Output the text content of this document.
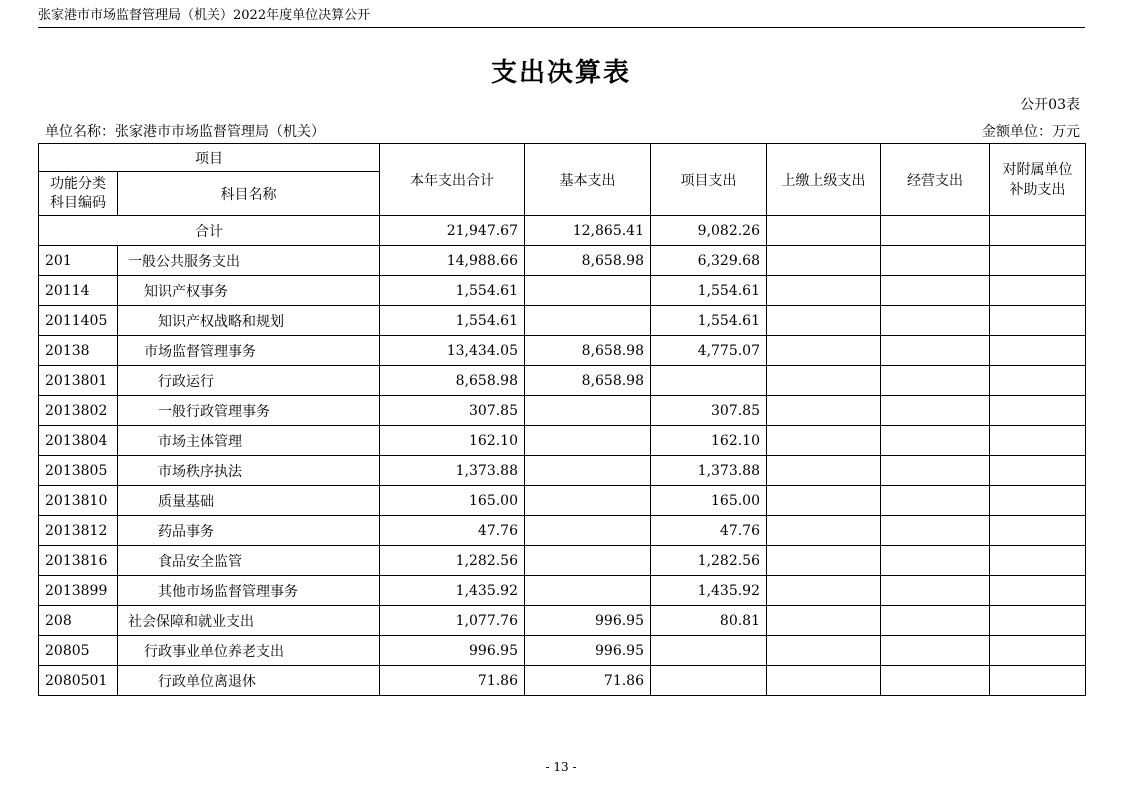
张家港市市场监督管理局（机关）2022年度单位决算公开
支出决算表
公开03表
单位名称：张家港市市场监督管理局（机关）	金额单位：万元
项目		本年支出合计	基本支出	项目支出	上缴上级支出	经营支出	对附属单位
补助支出
功能分类
科目编码	科目名称						
合计		21,947.67	12,865.41	9,082.26			
201	一般公共服务支出	14,988.66	8,658.98	6,329.68			
20114	知识产权事务	1,554.61		1,554.61			
2011405	知识产权战略和规划	1,554.61		1,554.61			
20138	市场监督管理事务	13,434.05	8,658.98	4,775.07			
2013801	行政运行	8,658.98	8,658.98				
2013802	一般行政管理事务	307.85		307.85			
2013804	市场主体管理	162.10		162.10			
2013805	市场秩序执法	1,373.88		1,373.88			
2013810	质量基础	165.00		165.00			
2013812	药品事务	47.76		47.76			
2013816	食品安全监管	1,282.56		1,282.56			
2013899	其他市场监督管理事务	1,435.92		1,435.92			
208	社会保障和就业支出	1,077.76	996.95	80.81			
20805	行政事业单位养老支出	996.95	996.95				
2080501	行政单位离退休	71.86	71.86				
- 13 -
